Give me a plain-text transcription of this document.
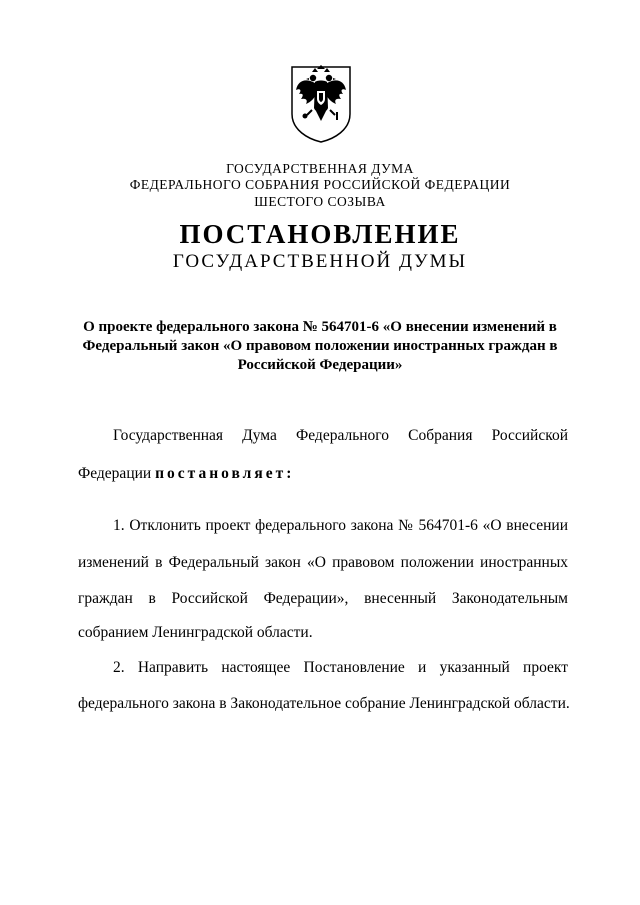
ГОСУДАРСТВЕННАЯ ДУМА
ФЕДЕРАЛЬНОГО СОБРАНИЯ РОССИЙСКОЙ ФЕДЕРАЦИИ
ШЕСТОГО СОЗЫВА
ПОСТАНОВЛЕНИЕ
ГОСУДАРСТВЕННОЙ ДУМЫ
О проекте федерального закона № 564701-6 «О внесении изменений в
Федеральный закон «О правовом положении иностранных граждан в
Российской Федерации»
Государственная Дума Федерального Собрания Российской
Федерации постановляет:
1. Отклонить проект федерального закона № 564701-6 «О внесении
изменений в Федеральный закон «О правовом положении иностранных
граждан в Российской Федерации», внесенный Законодательным
собранием Ленинградской области.
2. Направить настоящее Постановление и указанный проект
федерального закона в Законодательное собрание Ленинградской области.
